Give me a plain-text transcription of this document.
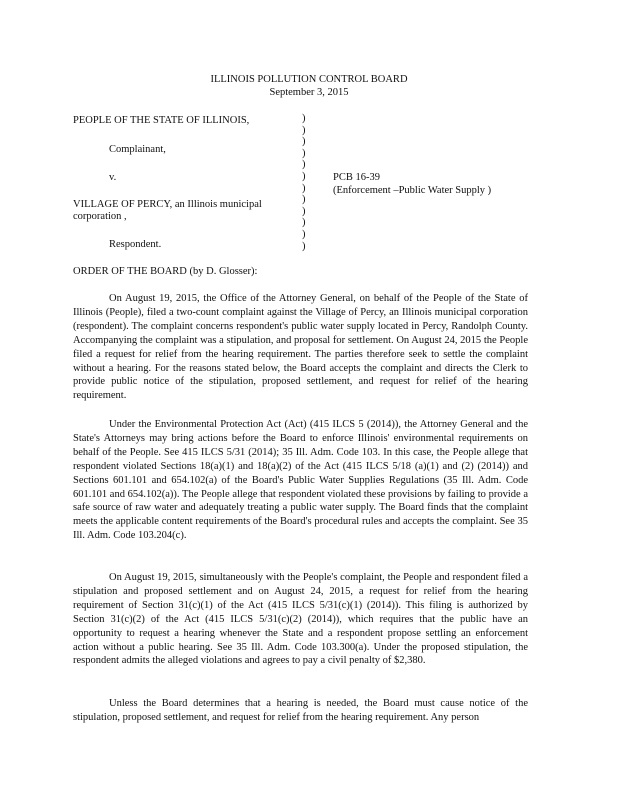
ILLINOIS POLLUTION CONTROL BOARD
September 3, 2015
PEOPLE OF THE STATE OF ILLINOIS,
Complainant,
v.
VILLAGE OF PERCY, an Illinois municipal
corporation ,
Respondent.
)
)
)
)
)
)
)
)
)
)
)
)
PCB 16-39
(Enforcement –Public Water Supply )
ORDER OF THE BOARD (by D. Glosser):

On August 19, 2015, the Office of the Attorney General, on behalf of the People of the State of Illinois (People), filed a two-count complaint against the Village of Percy, an Illinois municipal corporation (respondent). The complaint concerns respondent's public water supply located in Percy, Randolph County. Accompanying the complaint was a stipulation, and proposal for settlement. On August 24, 2015 the People filed a request for relief from the hearing requirement. The parties therefore seek to settle the complaint without a hearing. For the reasons stated below, the Board accepts the complaint and directs the Clerk to provide public notice of the stipulation, proposed settlement, and request for relief of the hearing requirement.

Under the Environmental Protection Act (Act) (415 ILCS 5 (2014)), the Attorney General and the State's Attorneys may bring actions before the Board to enforce Illinois' environmental requirements on behalf of the People. See 415 ILCS 5/31 (2014); 35 Ill. Adm. Code 103. In this case, the People allege that respondent violated Sections 18(a)(1) and 18(a)(2) of the Act (415 ILCS 5/18 (a)(1) and (2) (2014)) and Sections 601.101 and 654.102(a) of the Board's Public Water Supplies Regulations (35 Ill. Adm. Code 601.101 and 654.102(a)). The People allege that respondent violated these provisions by failing to provide a safe source of raw water and adequately treating a public water supply. The Board finds that the complaint meets the applicable content requirements of the Board's procedural rules and accepts the complaint. See 35 Ill. Adm. Code 103.204(c).

On August 19, 2015, simultaneously with the People's complaint, the People and respondent filed a stipulation and proposed settlement and on August 24, 2015, a request for relief from the hearing requirement of Section 31(c)(1) of the Act (415 ILCS 5/31(c)(1) (2014)). This filing is authorized by Section 31(c)(2) of the Act (415 ILCS 5/31(c)(2) (2014)), which requires that the public have an opportunity to request a hearing whenever the State and a respondent propose settling an enforcement action without a public hearing. See 35 Ill. Adm. Code 103.300(a). Under the proposed stipulation, the respondent admits the alleged violations and agrees to pay a civil penalty of $2,380.

Unless the Board determines that a hearing is needed, the Board must cause notice of the stipulation, proposed settlement, and request for relief from the hearing requirement. Any person
